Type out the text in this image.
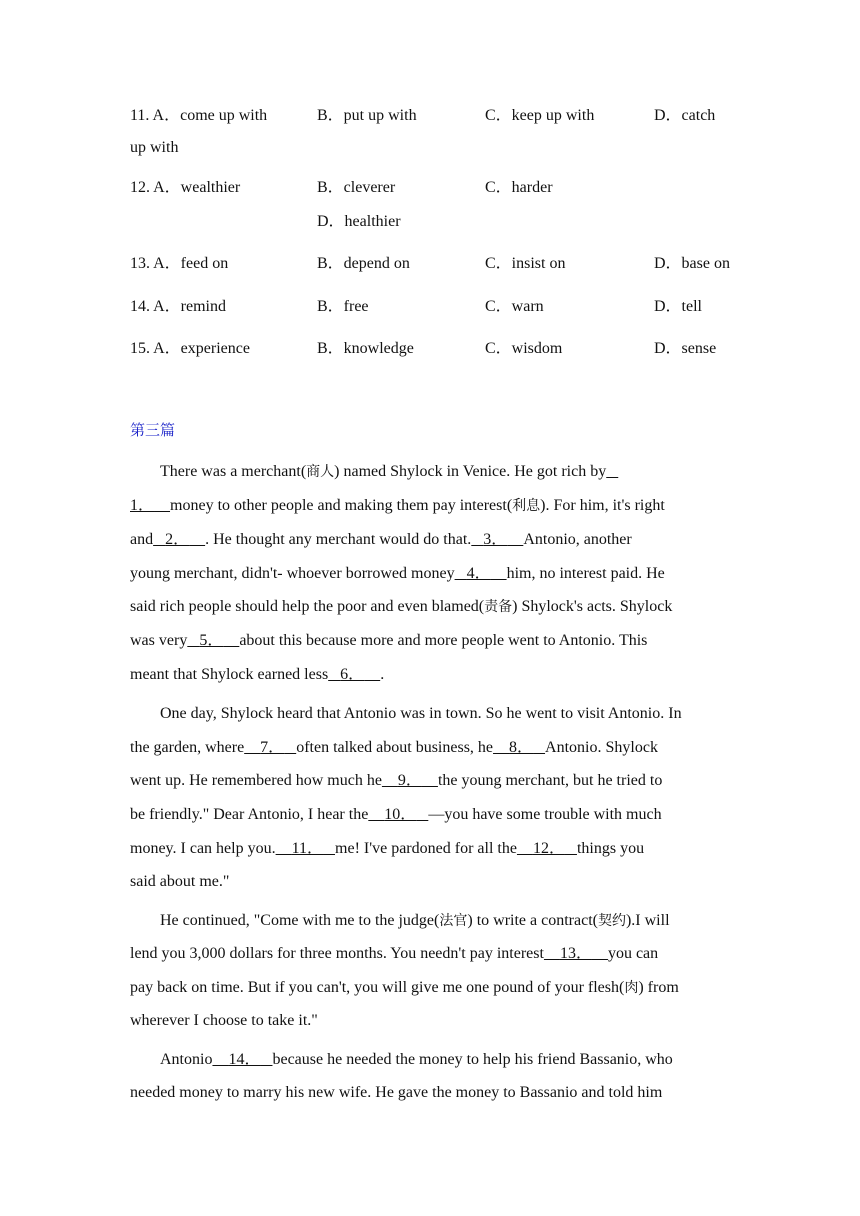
11. A．come up with	B．put up with	C．keep up with	D．catch
up with
12. A．wealthier	B．cleverer	C．harder
D．healthier
13. A．feed on	B．depend on	C．insist on	D．base on
14. A．remind	B．free	C．warn	D．tell
15. A．experience	B．knowledge	C．wisdom	D．sense
第三篇
There was a merchant(商人) named Shylock in Venice. He got rich by
1． money to other people and making them pay interest(利息). For him, it's right
and 2． . He thought any merchant would do that. 3． Antonio, another
young merchant, didn't- whoever borrowed money 4． him, no interest paid. He
said rich people should help the poor and even blamed(责备) Shylock's acts. Shylock
was very 5． about this because more and more people went to Antonio. This
meant that Shylock earned less 6． .
One day, Shylock heard that Antonio was in town. So he went to visit Antonio. In
the garden, where 7． often talked about business, he 8． Antonio. Shylock
went up. He remembered how much he 9． the young merchant, but he tried to
be friendly." Dear Antonio, I hear the 10． —you have some trouble with much
money. I can help you. 11． me! I've pardoned for all the 12． things you
said about me."
He continued, "Come with me to the judge(法官) to write a contract(契约).I will
lend you 3,000 dollars for three months. You needn't pay interest 13． you can
pay back on time. But if you can't, you will give me one pound of your flesh(肉) from
wherever I choose to take it."
Antonio 14． because he needed the money to help his friend Bassanio, who
needed money to marry his new wife. He gave the money to Bassanio and told him
